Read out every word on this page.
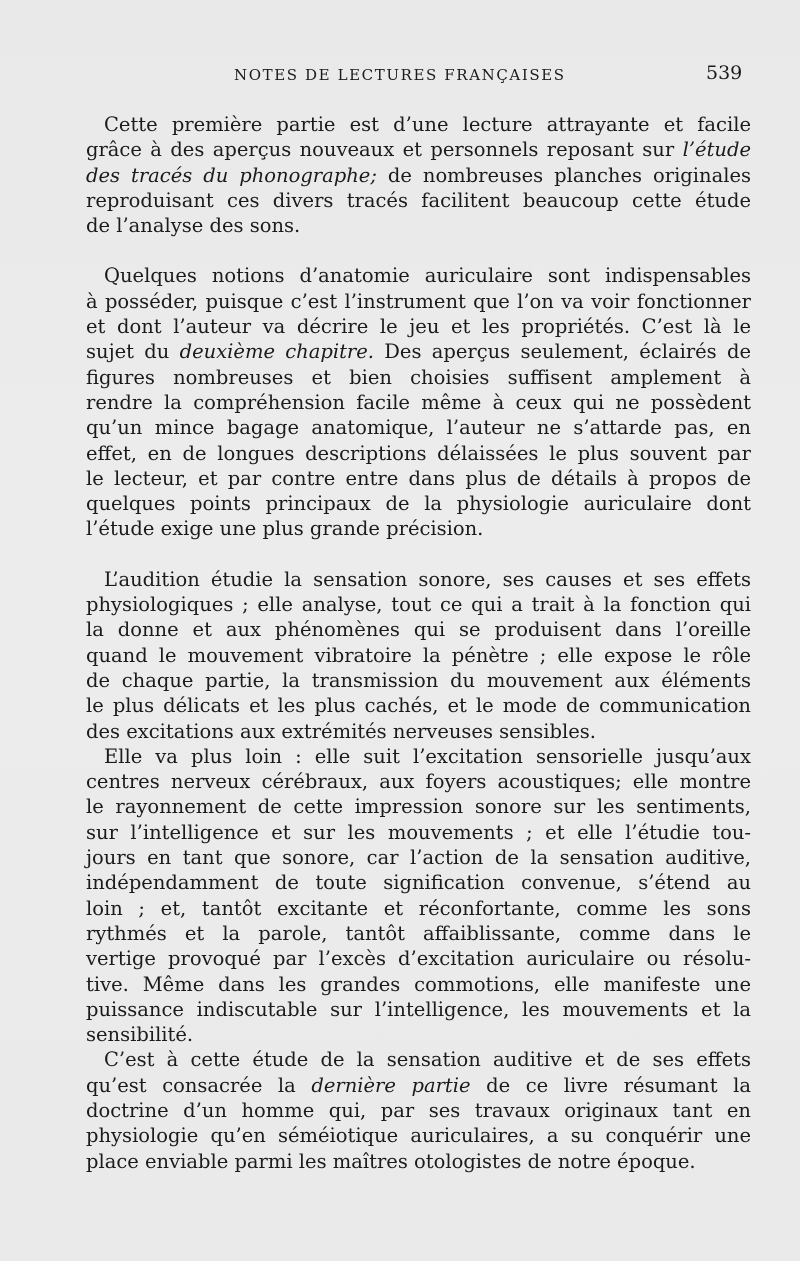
NOTES DE LECTURES FRANÇAISES	539
Cette première partie est d’une lecture attrayante et facile
grâce à des aperçus nouveaux et personnels reposant sur l’étude
des tracés du phonographe; de nombreuses planches originales
reproduisant ces divers tracés facilitent beaucoup cette étude
de l’analyse des sons.
Quelques notions d’anatomie auriculaire sont indispensables
à posséder, puisque c’est l’instrument que l’on va voir fonctionner
et dont l’auteur va décrire le jeu et les propriétés. C’est là le
sujet du deuxième chapitre. Des aperçus seulement, éclairés de
figures nombreuses et bien choisies suffisent amplement à
rendre la compréhension facile même à ceux qui ne possèdent
qu’un mince bagage anatomique, l’auteur ne s’attarde pas, en
effet, en de longues descriptions délaissées le plus souvent par
le lecteur, et par contre entre dans plus de détails à propos de
quelques points principaux de la physiologie auriculaire dont
l’étude exige une plus grande précision.
L’audition étudie la sensation sonore, ses causes et ses effets
physiologiques ; elle analyse, tout ce qui a trait à la fonction qui
la donne et aux phénomènes qui se produisent dans l’oreille
quand le mouvement vibratoire la pénètre ; elle expose le rôle
de chaque partie, la transmission du mouvement aux éléments
le plus délicats et les plus cachés, et le mode de communication
des excitations aux extrémités nerveuses sensibles.
Elle va plus loin : elle suit l’excitation sensorielle jusqu’aux
centres nerveux cérébraux, aux foyers acoustiques; elle montre
le rayonnement de cette impression sonore sur les sentiments,
sur l’intelligence et sur les mouvements ; et elle l’étudie tou-
jours en tant que sonore, car l’action de la sensation auditive,
indépendamment de toute signification convenue, s’étend au
loin ; et, tantôt excitante et réconfortante, comme les sons
rythmés et la parole, tantôt affaiblissante, comme dans le
vertige provoqué par l’excès d’excitation auriculaire ou résolu-
tive. Même dans les grandes commotions, elle manifeste une
puissance indiscutable sur l’intelligence, les mouvements et la
sensibilité.
C’est à cette étude de la sensation auditive et de ses effets
qu’est consacrée la dernière partie de ce livre résumant la
doctrine d’un homme qui, par ses travaux originaux tant en
physiologie qu’en séméiotique auriculaires, a su conquérir une
place enviable parmi les maîtres otologistes de notre époque.
